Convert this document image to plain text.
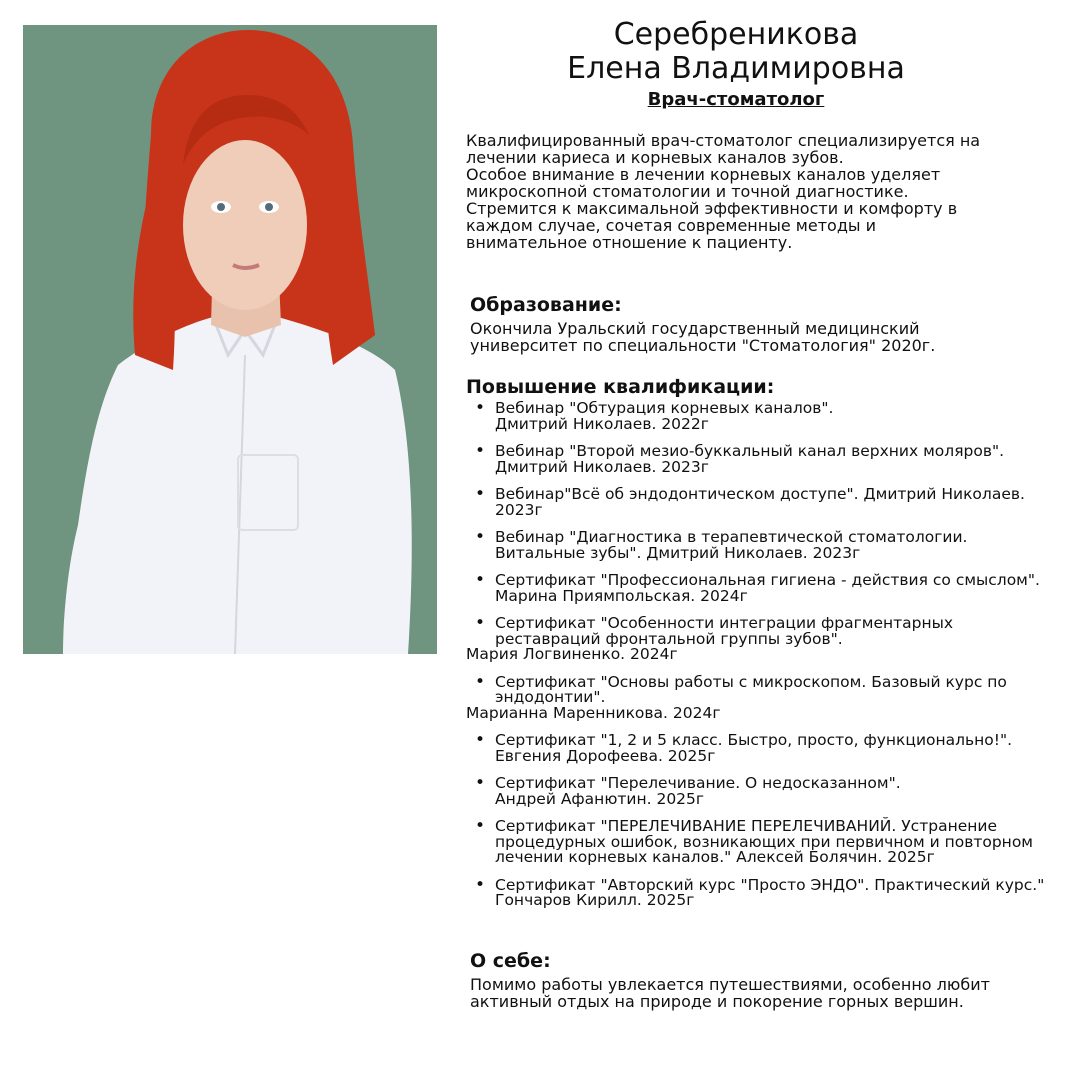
Серебреникова
Елена Владимировна
Врач-стоматолог

Квалифицированный врач-стоматолог специализируется на
лечении кариеса и корневых каналов зубов.
Особое внимание в лечении корневых каналов уделяет
микроскопной стоматологии и точной диагностике.
Стремится к максимальной эффективности и комфорту в
каждом случае, сочетая современные методы и
внимательное отношение к пациенту.

Образование:

Окончила Уральский государственный медицинский
университет по специальности "Стоматология" 2020г.

Повышение квалификации:
• Вебинар "Обтурация корневых каналов".
Дмитрий Николаев. 2022г
• Вебинар "Второй мезио-буккальный канал верхних моляров".
Дмитрий Николаев. 2023г
• Вебинар"Всё об эндодонтическом доступе". Дмитрий Николаев.
2023г
• Вебинар "Диагностика в терапевтической стоматологии.
Витальные зубы". Дмитрий Николаев. 2023г
• Сертификат "Профессиональная гигиена - действия со смыслом".
Марина Приямпольская. 2024г
• Сертификат "Особенности интеграции фрагментарных
реставраций фронтальной группы зубов".
Мария Логвиненко. 2024г
• Сертификат "Основы работы с микроскопом. Базовый курс по
эндодонтии".
Марианна Маренникова. 2024г
• Сертификат "1, 2 и 5 класс. Быстро, просто, функционально!".
Евгения Дорофеева. 2025г
• Сертификат "Перелечивание. О недосказанном".
Андрей Афанютин. 2025г
• Сертификат "ПЕРЕЛЕЧИВАНИЕ ПЕРЕЛЕЧИВАНИЙ. Устранение
процедурных ошибок, возникающих при первичном и повторном
лечении корневых каналов." Алексей Болячин. 2025г
• Сертификат "Авторский курс "Просто ЭНДО". Практический курс."
Гончаров Кирилл. 2025г
О себе:

Помимо работы увлекается путешествиями, особенно любит
активный отдых на природе и покорение горных вершин.
